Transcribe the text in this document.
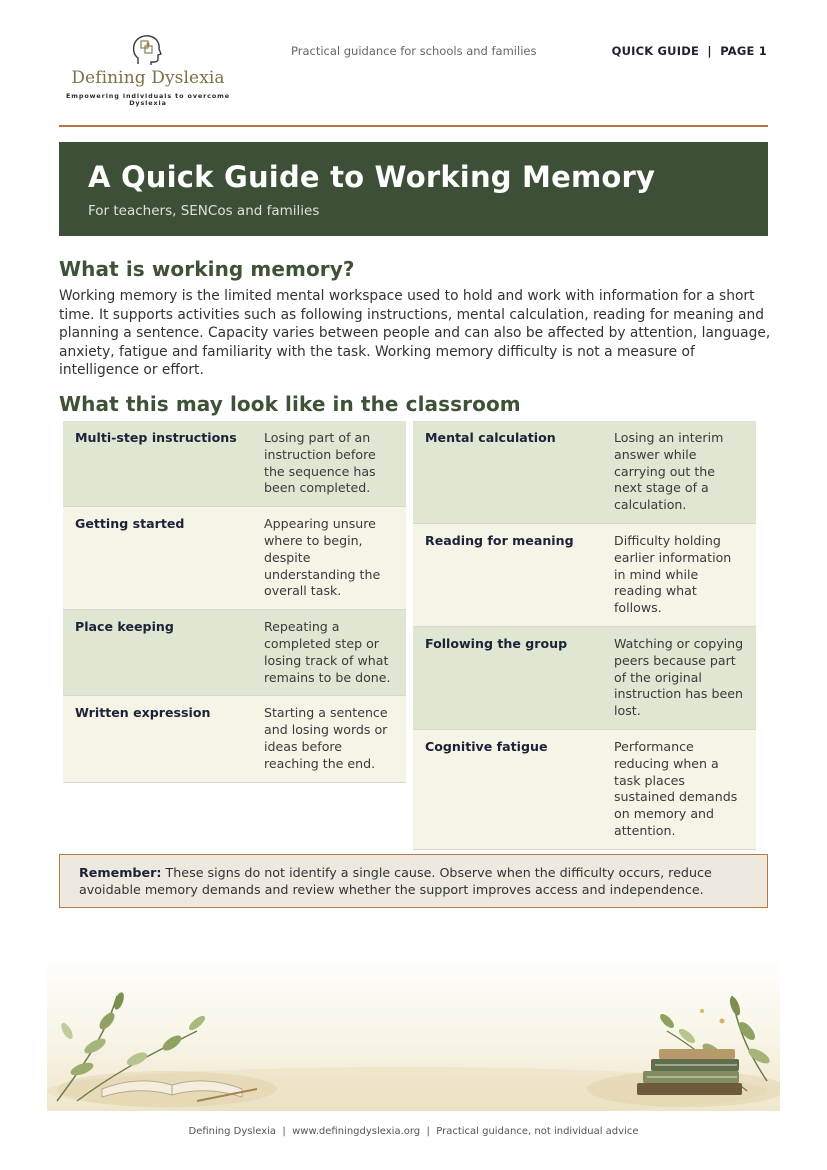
Defining Dyslexia
Empowering individuals to overcome
Dyslexia
Practical guidance for schools and families	QUICK GUIDE  |  PAGE 1
A Quick Guide to Working Memory
For teachers, SENCos and families
What is working memory?
Working memory is the limited mental workspace used to hold and work with information for a short time. It supports activities such as following instructions, mental calculation, reading for meaning and planning a sentence. Capacity varies between people and can also be affected by attention, language, anxiety, fatigue and familiarity with the task. Working memory difficulty is not a measure of intelligence or effort.
What this may look like in the classroom
Multi-step instructions	Losing part of an instruction before the sequence has been completed.
Getting started	Appearing unsure where to begin, despite understanding the overall task.
Place keeping	Repeating a completed step or losing track of what remains to be done.
Written expression	Starting a sentence and losing words or ideas before reaching the end.
Mental calculation	Losing an interim answer while carrying out the next stage of a calculation.
Reading for meaning	Difficulty holding earlier information in mind while reading what follows.
Following the group	Watching or copying peers because part of the original instruction has been lost.
Cognitive fatigue	Performance reducing when a task places sustained demands on memory and attention.
Remember: These signs do not identify a single cause. Observe when the difficulty occurs, reduce avoidable memory demands and review whether the support improves access and independence.
Defining Dyslexia  |  www.definingdyslexia.org  |  Practical guidance, not individual advice
